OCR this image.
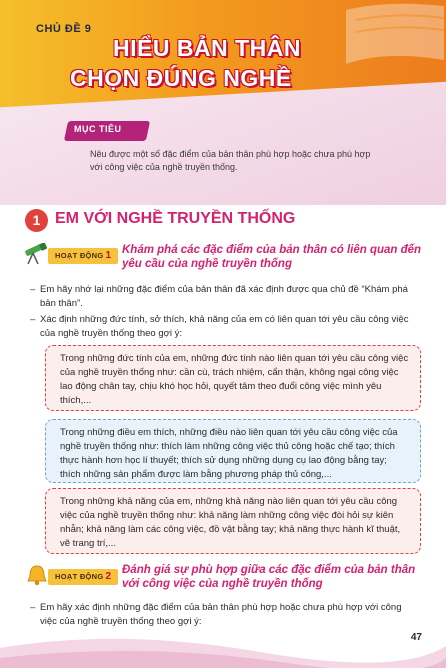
CHỦ ĐỀ 9
HIỂU BẢN THÂN
CHỌN ĐÚNG NGHỀ
MỤC TIÊU
Nêu được một số đặc điểm của bản thân phù hợp hoặc chưa phù hợp với công việc của nghề truyền thống.
1 EM VỚI NGHỀ TRUYỀN THỐNG
HOẠT ĐỘNG 1 Khám phá các đặc điểm của bản thân có liên quan đến yêu cầu của nghề truyền thống
– Em hãy nhớ lại những đặc điểm của bản thân đã xác định được qua chủ đề “Khám phá bản thân”.
– Xác định những đức tính, sở thích, khả năng của em có liên quan tới yêu cầu công việc của nghề truyền thống theo gợi ý:
Trong những đức tính của em, những đức tính nào liên quan tới yêu cầu công việc của nghề truyền thống như: cần cù, trách nhiệm, cẩn thận, không ngại công việc lao động chân tay, chịu khó học hỏi, quyết tâm theo đuổi công việc mình yêu thích,...
Trong những điều em thích, những điều nào liên quan tới yêu cầu công việc của nghề truyền thống như: thích làm những công việc thủ công hoặc chế tạo; thích thực hành hơn học lí thuyết; thích sử dụng những dụng cụ lao động bằng tay; thích những sản phẩm được làm bằng phương pháp thủ công,...
Trong những khả năng của em, những khả năng nào liên quan tới yêu cầu công việc của nghề truyền thống như: khả năng làm những công việc đòi hỏi sự kiên nhẫn; khả năng làm các công việc, đồ vật bằng tay; khả năng thực hành kĩ thuật, vẽ trang trí,...
HOẠT ĐỘNG 2
Đánh giá sự phù hợp giữa các đặc điểm của bản thân với công việc của nghề truyền thống
– Em hãy xác định những đặc điểm của bản thân phù hợp hoặc chưa phù hợp với công việc của nghề truyền thống theo gợi ý:
47
